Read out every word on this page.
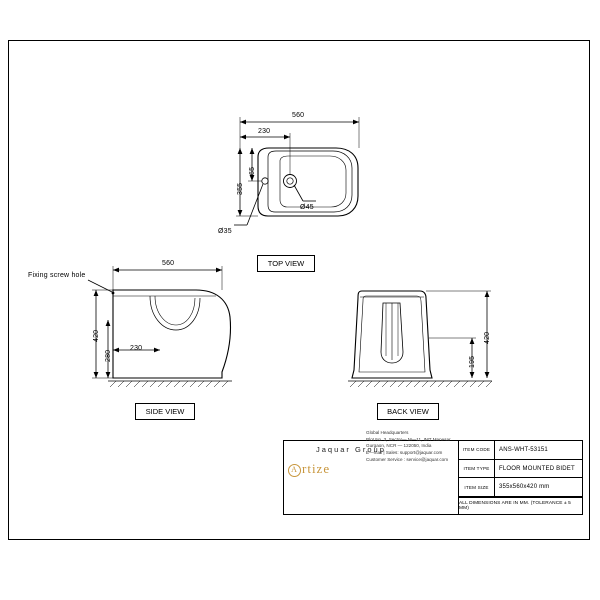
560
230
65
355
Ø45
Ø35
560
420
280
230
Fixing screw hole
420
195
TOP VIEW
SIDE VIEW	BACK VIEW
Jaquar Group
A rtize
Global Headquarters
Plot No. 3, Sector— M—11, IMT Manesar
Gurgaon, NCR — 122050, India
E—mail | Sales: support@jaquar.com
Customer Service : service@jaquar.com
ITEM CODE	ANS-WHT-53151
ITEM TYPE	FLOOR MOUNTED BIDET
ITEM SIZE	355x560x420 mm
ALL DIMENSIONS ARE IN MM. (TOLERANCE ± 5 MM)
